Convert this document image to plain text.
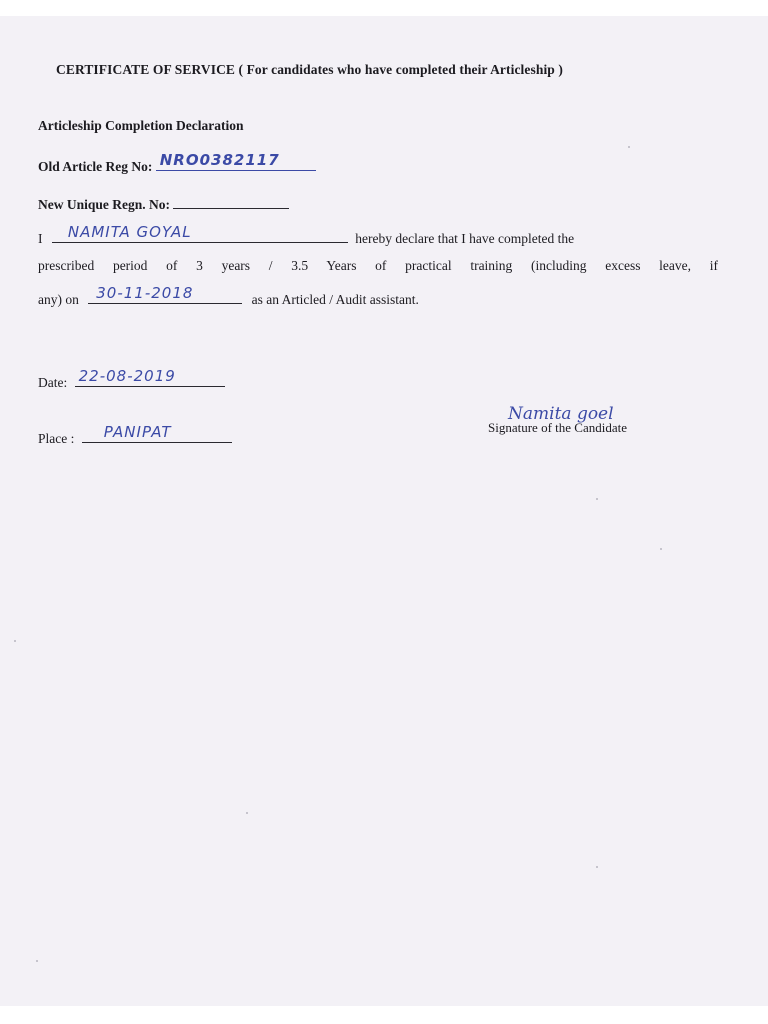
CERTIFICATE OF SERVICE ( For candidates who have completed their Articleship )
Articleship Completion Declaration
Old Article Reg No: NRO0382117
New Unique Regn. No:
I NAMITA GOYAL	hereby declare that I have completed the
prescribed period of 3 years / 3.5 Years of practical training (including excess leave, if
any) on 30-11-2018	as an Articled / Audit assistant.
Date: 22-08-2019
Place : PANIPAT
Namita goel
Signature of the Candidate
